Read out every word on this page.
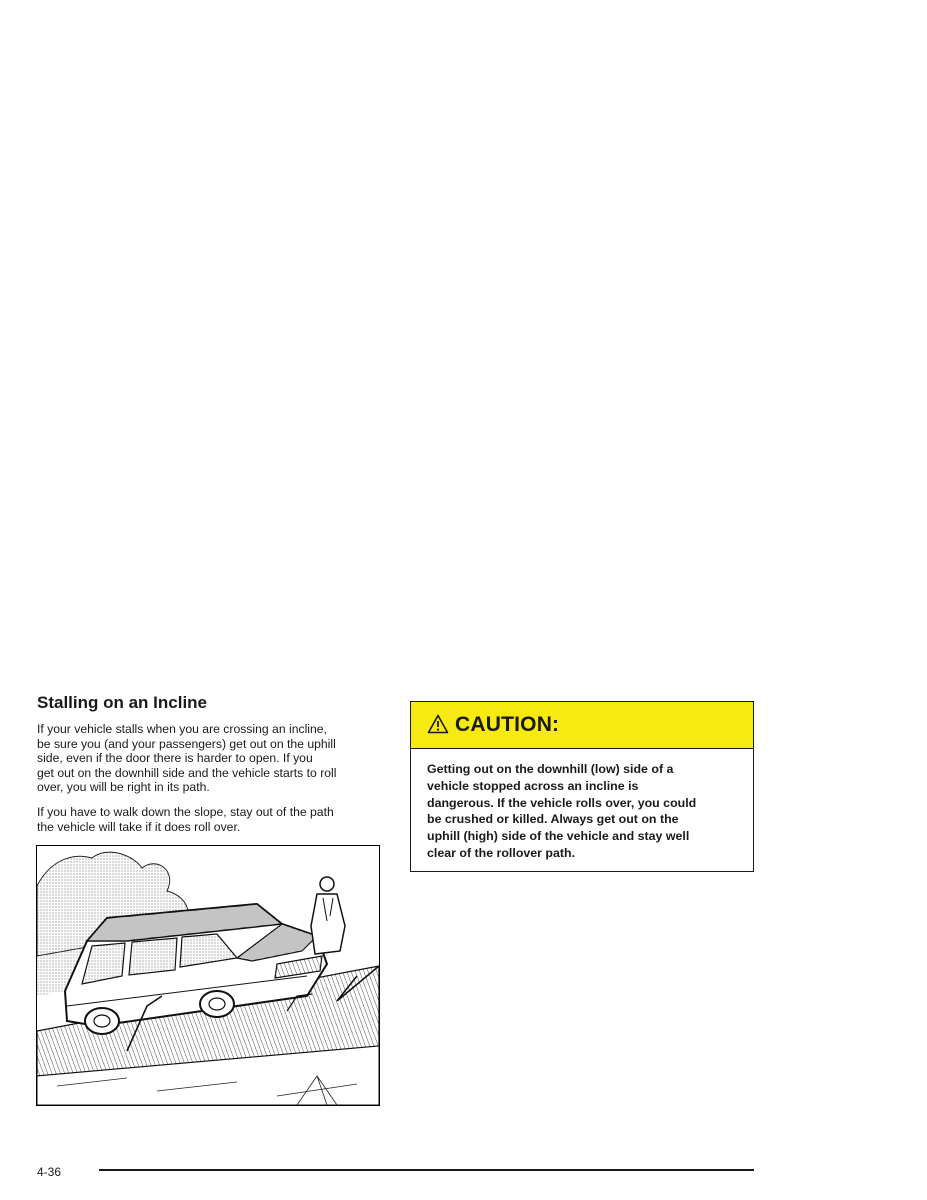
Stalling on an Incline

If your vehicle stalls when you are crossing an incline,
be sure you (and your passengers) get out on the uphill
side, even if the door there is harder to open. If you
get out on the downhill side and the vehicle starts to roll
over, you will be right in its path.

If you have to walk down the slope, stay out of the path
the vehicle will take if it does roll over.

CAUTION:
Getting out on the downhill (low) side of a
vehicle stopped across an incline is
dangerous. If the vehicle rolls over, you could
be crushed or killed. Always get out on the
uphill (high) side of the vehicle and stay well
clear of the rollover path.
4-36
